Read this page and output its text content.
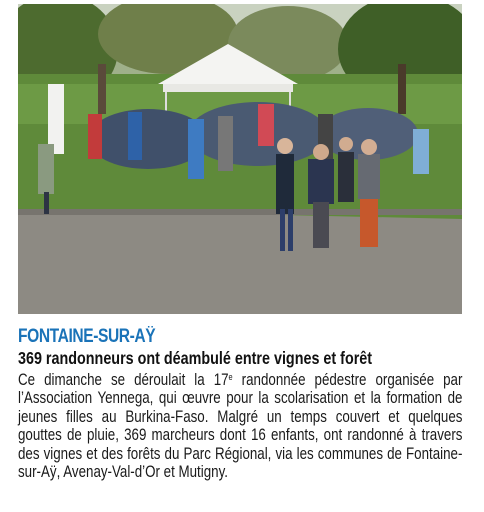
FONTAINE-SUR-AŸ
369 randonneurs ont déambulé entre vignes et forêt
Ce dimanche se déroulait la 17e randonnée pédestre organisée par l’Association Yennega, qui œuvre pour la scolarisation et la formation de jeunes filles au Burkina-Faso. Malgré un temps couvert et quelques gouttes de pluie, 369 marcheurs dont 16 enfants, ont randonné à travers des vignes et des forêts du Parc Régional, via les communes de Fontaine-sur-Aÿ, Avenay-Val-d’Or et Mutigny.
